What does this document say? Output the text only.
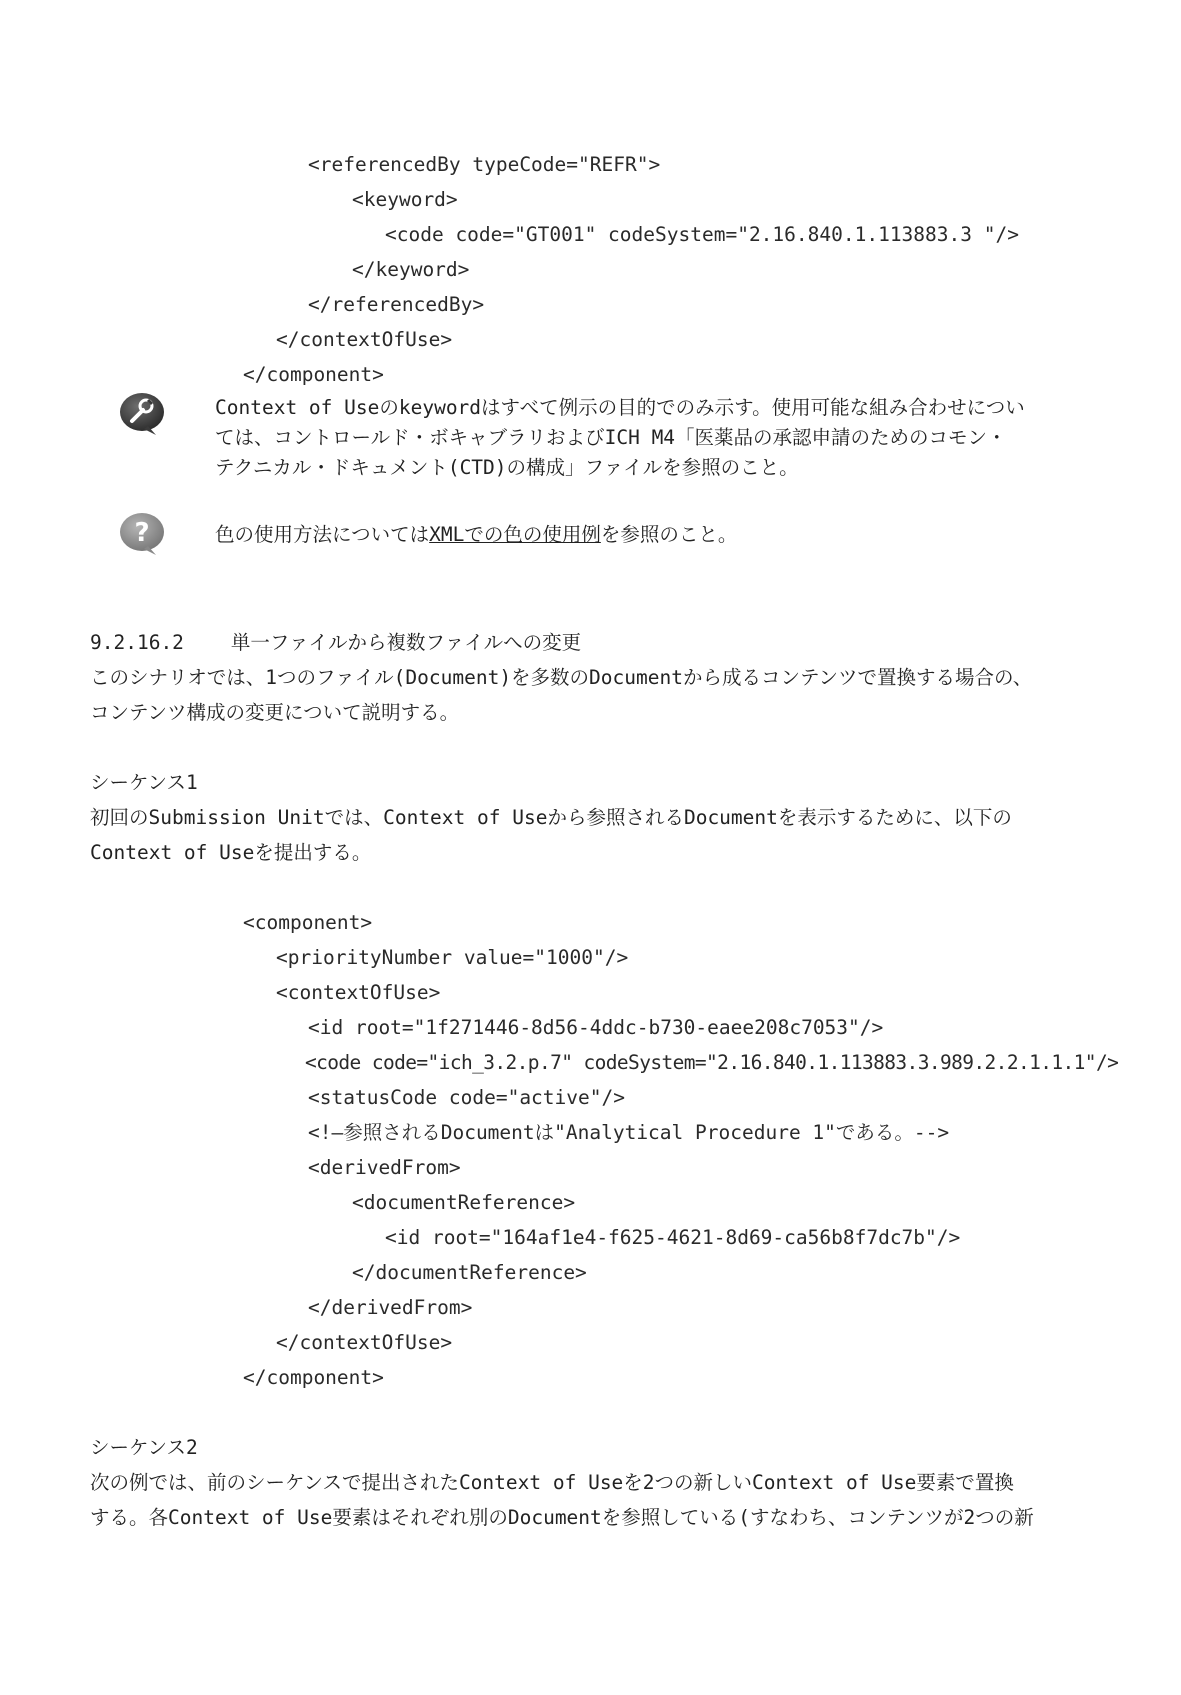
<referencedBy typeCode="REFR">
<keyword>
<code code="GT001" codeSystem="2.16.840.1.113883.3 "/>
</keyword>
</referencedBy>
</contextOfUse>
</component>
Context of Useのkeywordはすべて例示の目的でのみ示す。使用可能な組み合わせについ
ては、コントロールド・ボキャブラリおよびICH M4「医薬品の承認申請のためのコモン・
テクニカル・ドキュメント(CTD)の構成」ファイルを参照のこと。
?	色の使用方法についてはXMLでの色の使用例を参照のこと。
9.2.16.2    単一ファイルから複数ファイルへの変更
このシナリオでは、1つのファイル(Document)を多数のDocumentから成るコンテンツで置換する場合の、
コンテンツ構成の変更について説明する。
シーケンス1
初回のSubmission Unitでは、Context of Useから参照されるDocumentを表示するために、以下の
Context of Useを提出する。
<component>
<priorityNumber value="1000"/>
<contextOfUse>
<id root="1f271446-8d56-4ddc-b730-eaee208c7053"/>
<code code="ich_3.2.p.7" codeSystem="2.16.840.1.113883.3.989.2.2.1.1.1"/>
<statusCode code="active"/>
<!—参照されるDocumentは"Analytical Procedure 1"である。-->
<derivedFrom>
<documentReference>
<id root="164af1e4-f625-4621-8d69-ca56b8f7dc7b"/>
</documentReference>
</derivedFrom>
</contextOfUse>
</component>
シーケンス2
次の例では、前のシーケンスで提出されたContext of Useを2つの新しいContext of Use要素で置換
する。各Context of Use要素はそれぞれ別のDocumentを参照している(すなわち、コンテンツが2つの新
